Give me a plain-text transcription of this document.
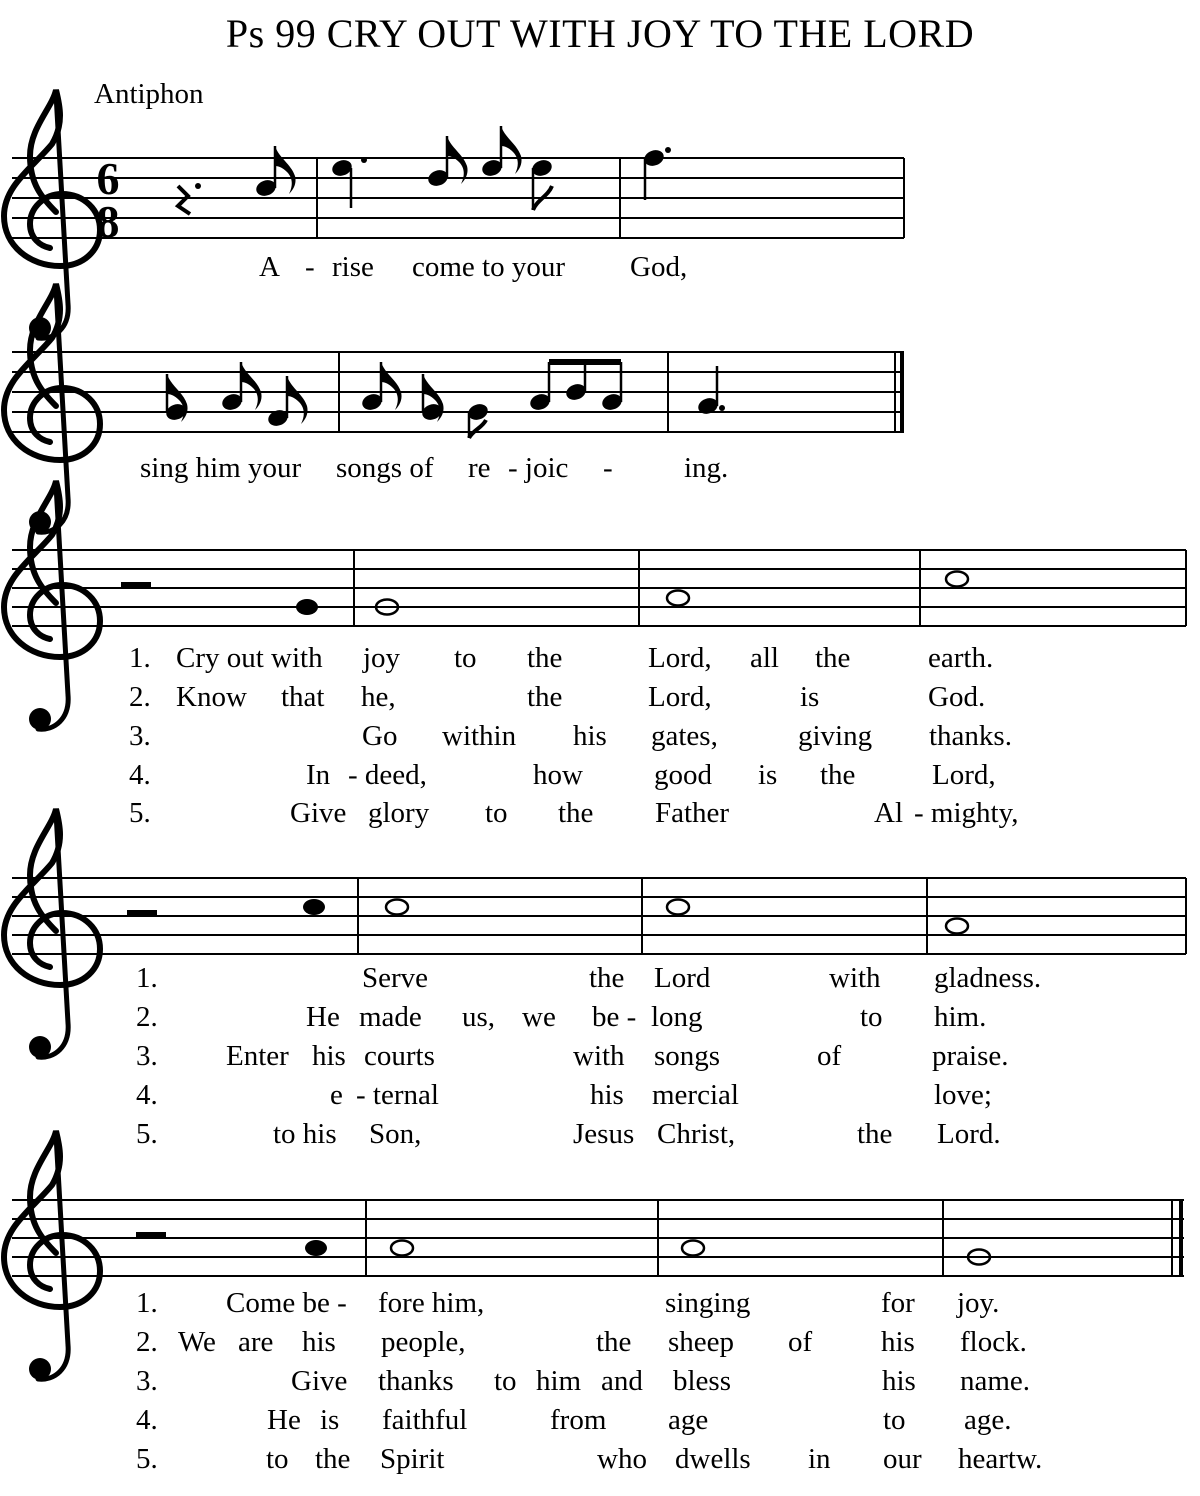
Ps 99 CRY OUT WITH JOY TO THE LORD
Antiphon
6
8
A - rise come to your God,
sing him your songs of re - joic - ing.
1. Cry out with joy to the	Lord, all the	earth.
2. Know that he,	the	Lord,	is	God.
3.	Go within his gates,	giving thanks.
4.	In - deed,	how good is the	Lord,
5.	Give glory to the Father	Al - mighty,
1.	Serve	the Lord	with gladness.
2.	He made us, we be - long	to him.
3. Enter his courts	with songs	of	praise.
4.	e - ternal	his mercial	love;
5.	to his Son,	Jesus Christ,	the Lord.
1. Come be - fore him,	singing	for joy.
2. We are his people,	the sheep of his flock.
3.	Give thanks to him and bless	his name.
4.	He is faithful	from age	to age.
5.	to the Spirit	who dwells in our heartw.
